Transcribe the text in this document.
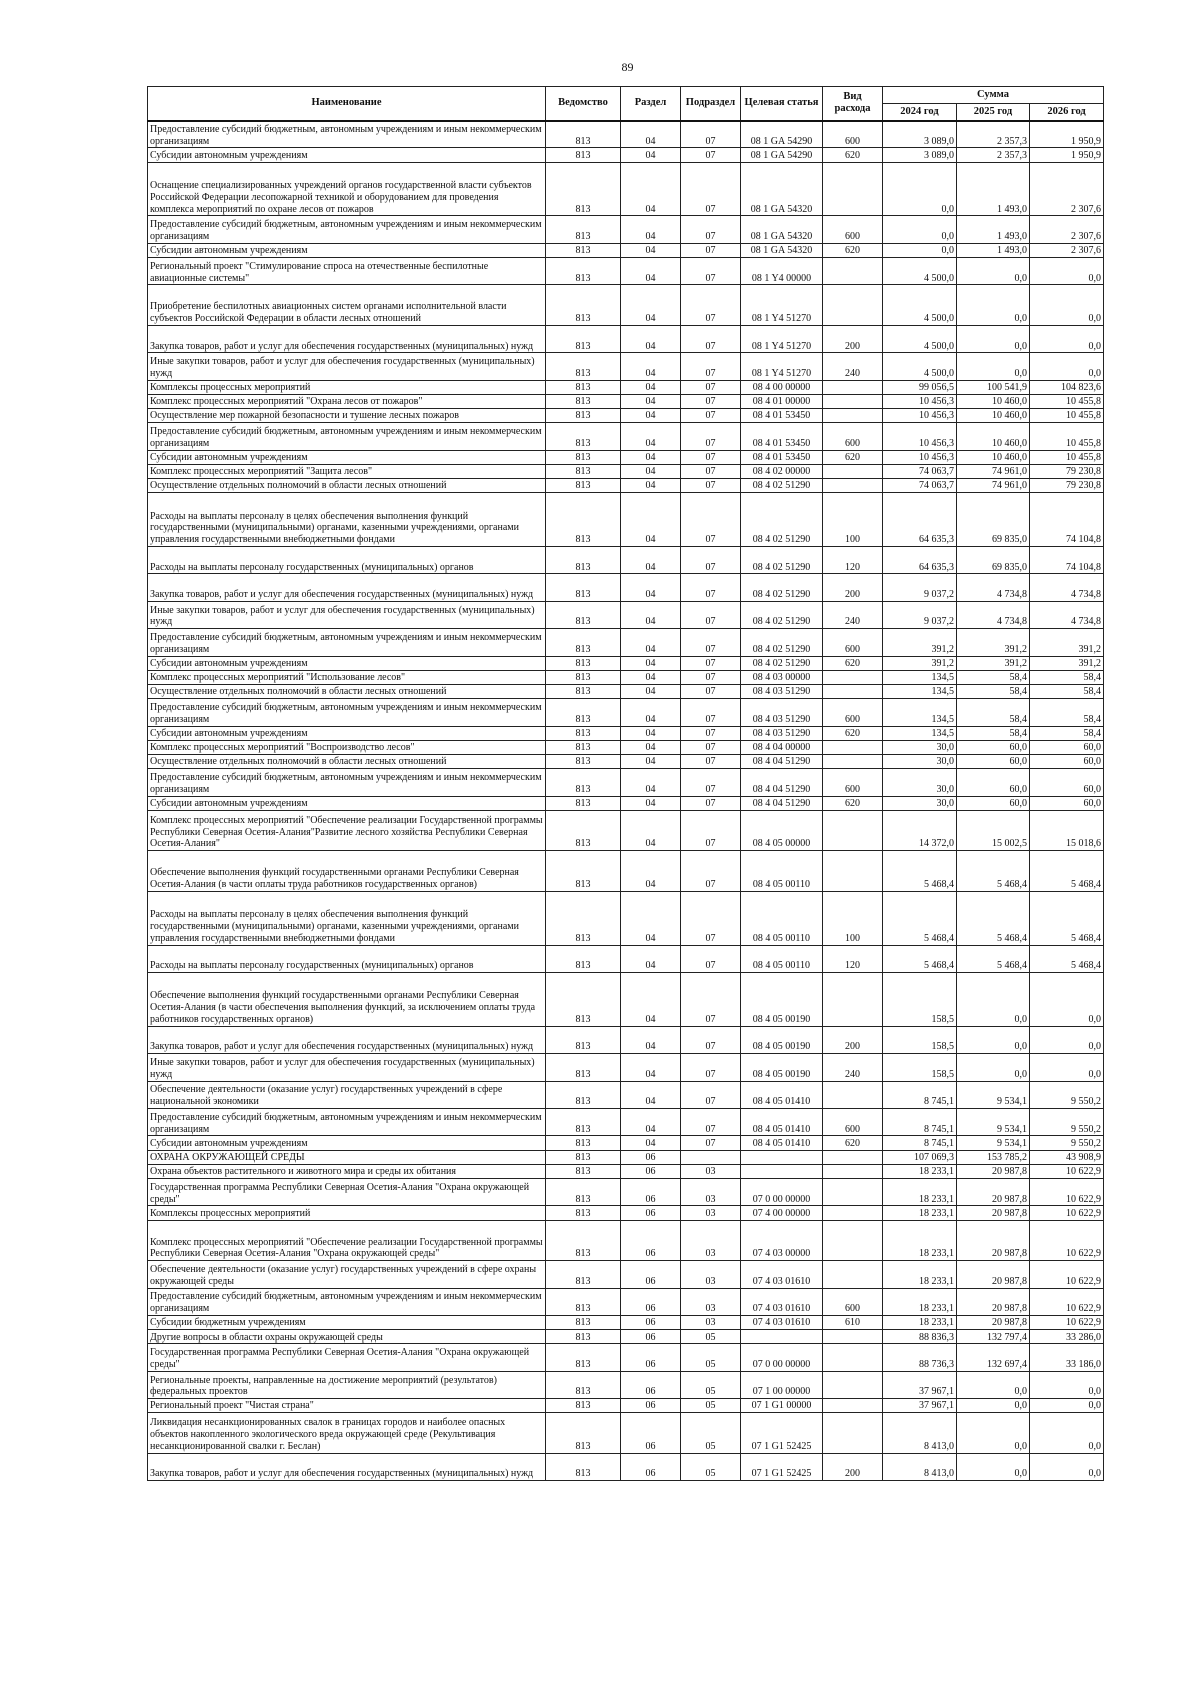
89
Наименование	Ведомство	Раздел	Подраздел	Целевая статья	Вид расхода	Сумма		
						2024 год	2025 год	2026 год
Предоставление субсидий бюджетным, автономным учреждениям и иным некоммерческим организациям	813	04	07	08 1 GA 54290	600	3 089,0	2 357,3	1 950,9
Субсидии автономным учреждениям	813	04	07	08 1 GA 54290	620	3 089,0	2 357,3	1 950,9
Оснащение специализированных учреждений органов государственной власти субъектов Российской Федерации лесопожарной техникой и оборудованием для проведения комплекса мероприятий по охране лесов от пожаров	813	04	07	08 1 GA 54320		0,0	1 493,0	2 307,6
Предоставление субсидий бюджетным, автономным учреждениям и иным некоммерческим организациям	813	04	07	08 1 GA 54320	600	0,0	1 493,0	2 307,6
Субсидии автономным учреждениям	813	04	07	08 1 GA 54320	620	0,0	1 493,0	2 307,6
Региональный проект "Стимулирование спроса на отечественные беспилотные авиационные системы"	813	04	07	08 1 Y4 00000		4 500,0	0,0	0,0
Приобретение беспилотных авиационных систем органами исполнительной власти субъектов Российской Федерации в области лесных отношений	813	04	07	08 1 Y4 51270		4 500,0	0,0	0,0
Закупка товаров, работ и услуг для обеспечения государственных (муниципальных) нужд	813	04	07	08 1 Y4 51270	200	4 500,0	0,0	0,0
Иные закупки товаров, работ и услуг для обеспечения государственных (муниципальных) нужд	813	04	07	08 1 Y4 51270	240	4 500,0	0,0	0,0
Комплексы процессных мероприятий	813	04	07	08 4 00 00000		99 056,5	100 541,9	104 823,6
Комплекс процессных мероприятий "Охрана лесов от пожаров"	813	04	07	08 4 01 00000		10 456,3	10 460,0	10 455,8
Осуществление мер пожарной безопасности и тушение лесных пожаров	813	04	07	08 4 01 53450		10 456,3	10 460,0	10 455,8
Предоставление субсидий бюджетным, автономным учреждениям и иным некоммерческим организациям	813	04	07	08 4 01 53450	600	10 456,3	10 460,0	10 455,8
Субсидии автономным учреждениям	813	04	07	08 4 01 53450	620	10 456,3	10 460,0	10 455,8
Комплекс процессных мероприятий "Защита лесов"	813	04	07	08 4 02 00000		74 063,7	74 961,0	79 230,8
Осуществление отдельных полномочий в области лесных отношений	813	04	07	08 4 02 51290		74 063,7	74 961,0	79 230,8
Расходы на выплаты персоналу в целях обеспечения выполнения функций государственными (муниципальными) органами, казенными учреждениями, органами управления государственными внебюджетными фондами	813	04	07	08 4 02 51290	100	64 635,3	69 835,0	74 104,8
Расходы на выплаты персоналу государственных (муниципальных) органов	813	04	07	08 4 02 51290	120	64 635,3	69 835,0	74 104,8
Закупка товаров, работ и услуг для обеспечения государственных (муниципальных) нужд	813	04	07	08 4 02 51290	200	9 037,2	4 734,8	4 734,8
Иные закупки товаров, работ и услуг для обеспечения государственных (муниципальных) нужд	813	04	07	08 4 02 51290	240	9 037,2	4 734,8	4 734,8
Предоставление субсидий бюджетным, автономным учреждениям и иным некоммерческим организациям	813	04	07	08 4 02 51290	600	391,2	391,2	391,2
Субсидии автономным учреждениям	813	04	07	08 4 02 51290	620	391,2	391,2	391,2
Комплекс процессных мероприятий "Использование лесов"	813	04	07	08 4 03 00000		134,5	58,4	58,4
Осуществление отдельных полномочий в области лесных отношений	813	04	07	08 4 03 51290		134,5	58,4	58,4
Предоставление субсидий бюджетным, автономным учреждениям и иным некоммерческим организациям	813	04	07	08 4 03 51290	600	134,5	58,4	58,4
Субсидии автономным учреждениям	813	04	07	08 4 03 51290	620	134,5	58,4	58,4
Комплекс процессных мероприятий "Воспроизводство лесов"	813	04	07	08 4 04 00000		30,0	60,0	60,0
Осуществление отдельных полномочий в области лесных отношений	813	04	07	08 4 04 51290		30,0	60,0	60,0
Предоставление субсидий бюджетным, автономным учреждениям и иным некоммерческим организациям	813	04	07	08 4 04 51290	600	30,0	60,0	60,0
Субсидии автономным учреждениям	813	04	07	08 4 04 51290	620	30,0	60,0	60,0
Комплекс процессных мероприятий "Обеспечение реализации Государственной программы Республики Северная Осетия-Алания"Развитие лесного хозяйства Республики Северная Осетия-Алания"	813	04	07	08 4 05 00000		14 372,0	15 002,5	15 018,6
Обеспечение выполнения функций государственными органами Республики Северная Осетия-Алания (в части оплаты труда работников государственных органов)	813	04	07	08 4 05 00110		5 468,4	5 468,4	5 468,4
Расходы на выплаты персоналу в целях обеспечения выполнения функций государственными (муниципальными) органами, казенными учреждениями, органами управления государственными внебюджетными фондами	813	04	07	08 4 05 00110	100	5 468,4	5 468,4	5 468,4
Расходы на выплаты персоналу государственных (муниципальных) органов	813	04	07	08 4 05 00110	120	5 468,4	5 468,4	5 468,4
Обеспечение выполнения функций государственными органами Республики Северная Осетия-Алания (в части обеспечения выполнения функций, за исключением оплаты труда работников государственных органов)	813	04	07	08 4 05 00190		158,5	0,0	0,0
Закупка товаров, работ и услуг для обеспечения государственных (муниципальных) нужд	813	04	07	08 4 05 00190	200	158,5	0,0	0,0
Иные закупки товаров, работ и услуг для обеспечения государственных (муниципальных) нужд	813	04	07	08 4 05 00190	240	158,5	0,0	0,0
Обеспечение деятельности (оказание услуг) государственных учреждений в сфере национальной экономики	813	04	07	08 4 05 01410		8 745,1	9 534,1	9 550,2
Предоставление субсидий бюджетным, автономным учреждениям и иным некоммерческим организациям	813	04	07	08 4 05 01410	600	8 745,1	9 534,1	9 550,2
Субсидии автономным учреждениям	813	04	07	08 4 05 01410	620	8 745,1	9 534,1	9 550,2
ОХРАНА ОКРУЖАЮЩЕЙ СРЕДЫ	813	06				107 069,3	153 785,2	43 908,9
Охрана объектов растительного и животного мира и среды их обитания	813	06	03			18 233,1	20 987,8	10 622,9
Государственная программа Республики Северная Осетия-Алания "Охрана окружающей среды"	813	06	03	07 0 00 00000		18 233,1	20 987,8	10 622,9
Комплексы процессных мероприятий	813	06	03	07 4 00 00000		18 233,1	20 987,8	10 622,9
Комплекс процессных мероприятий "Обеспечение реализации Государственной программы Республики Северная Осетия-Алания "Охрана окружающей среды"	813	06	03	07 4 03 00000		18 233,1	20 987,8	10 622,9
Обеспечение деятельности (оказание услуг) государственных учреждений в сфере охраны окружающей среды	813	06	03	07 4 03 01610		18 233,1	20 987,8	10 622,9
Предоставление субсидий бюджетным, автономным учреждениям и иным некоммерческим организациям	813	06	03	07 4 03 01610	600	18 233,1	20 987,8	10 622,9
Субсидии бюджетным учреждениям	813	06	03	07 4 03 01610	610	18 233,1	20 987,8	10 622,9
Другие вопросы в области охраны окружающей среды	813	06	05			88 836,3	132 797,4	33 286,0
Государственная программа Республики Северная Осетия-Алания "Охрана окружающей среды"	813	06	05	07 0 00 00000		88 736,3	132 697,4	33 186,0
Региональные проекты, направленные на достижение мероприятий (результатов) федеральных проектов	813	06	05	07 1 00 00000		37 967,1	0,0	0,0
Региональный проект "Чистая страна"	813	06	05	07 1 G1 00000		37 967,1	0,0	0,0
Ликвидация несанкционированных свалок в границах городов и наиболее опасных объектов накопленного экологического вреда окружающей среде (Рекультивация несанкционированной свалки г. Беслан)	813	06	05	07 1 G1 52425		8 413,0	0,0	0,0
Закупка товаров, работ и услуг для обеспечения государственных (муниципальных) нужд	813	06	05	07 1 G1 52425	200	8 413,0	0,0	0,0
